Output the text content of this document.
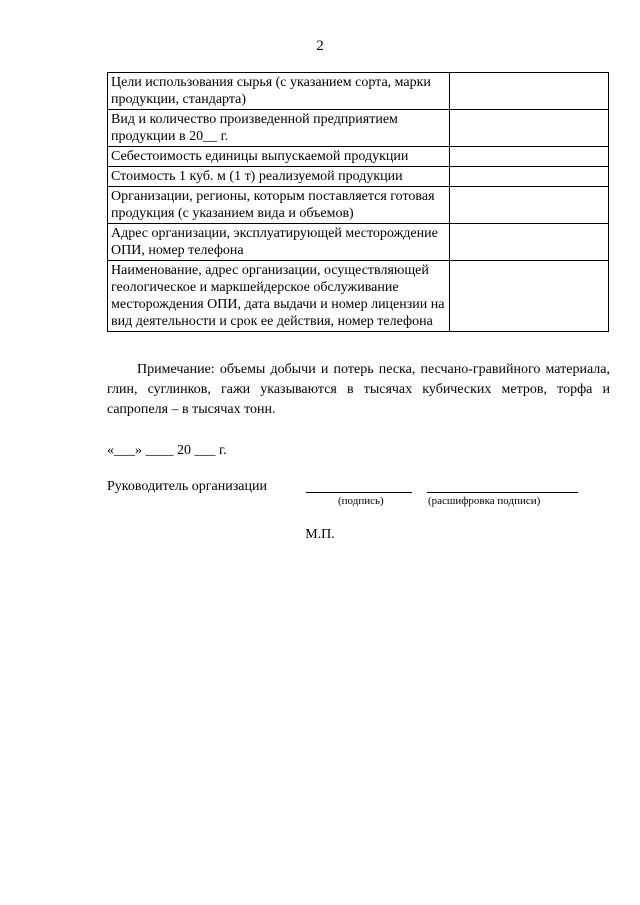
2
Цели использования сырья (с указанием сорта, марки продукции, стандарта)	
Вид и количество произведенной предприятием продукции в 20__ г.	
Себестоимость единицы выпускаемой продукции	
Стоимость 1 куб. м (1 т) реализуемой продукции	
Организации, регионы, которым поставляется готовая продукция (с указанием вида и объемов)	
Адрес организации, эксплуатирующей месторождение ОПИ, номер телефона	
Наименование, адрес организации, осуществляющей геологическое и маркшейдерское обслуживание месторождения ОПИ, дата выдачи и номер лицензии на вид деятельности и срок ее действия, номер телефона	
Примечание: объемы добычи и потерь песка, песчано-гравийного материала, глин, суглинков, гажи указываются в тысячах кубических метров, торфа и сапропеля – в тысячах тонн.
«___» ____ 20 ___ г.
Руководитель организации
(подпись)	(расшифровка подписи)
М.П.
